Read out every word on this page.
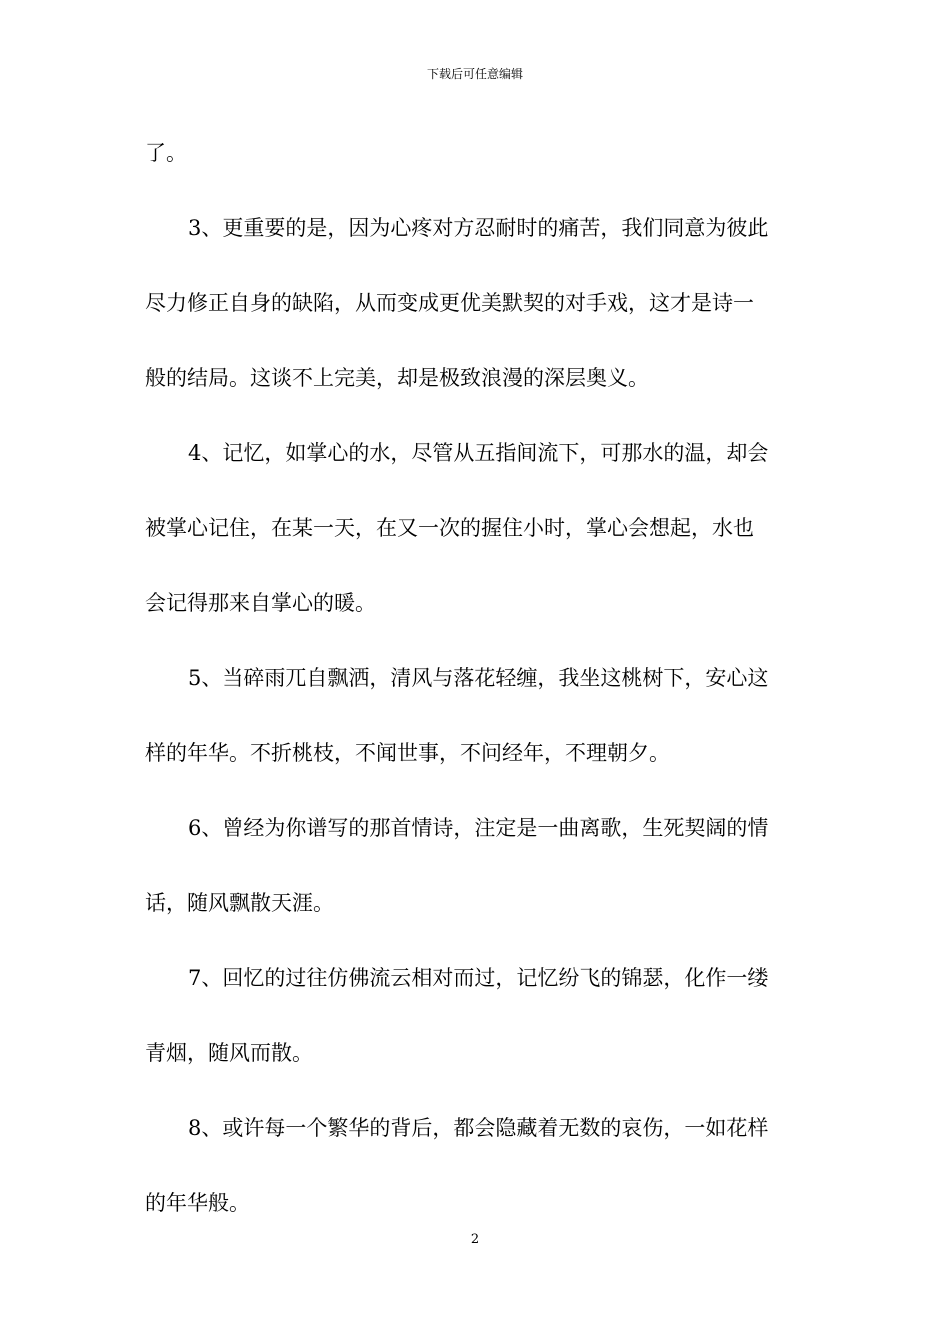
下载后可任意编辑
了。
3、更重要的是，因为心疼对方忍耐时的痛苦，我们同意为彼此
尽力修正自身的缺陷，从而变成更优美默契的对手戏，这才是诗一
般的结局。这谈不上完美，却是极致浪漫的深层奥义。
4、记忆，如掌心的水，尽管从五指间流下，可那水的温，却会
被掌心记住，在某一天，在又一次的握住小时，掌心会想起，水也
会记得那来自掌心的暖。
5、当碎雨兀自飘洒，清风与落花轻缠，我坐这桃树下，安心这
样的年华。不折桃枝，不闻世事，不问经年，不理朝夕。
6、曾经为你谱写的那首情诗，注定是一曲离歌，生死契阔的情
话，随风飘散天涯。
7、回忆的过往仿佛流云相对而过，记忆纷飞的锦瑟，化作一缕
青烟，随风而散。
8、或许每一个繁华的背后，都会隐藏着无数的哀伤，一如花样
的年华般。
2
